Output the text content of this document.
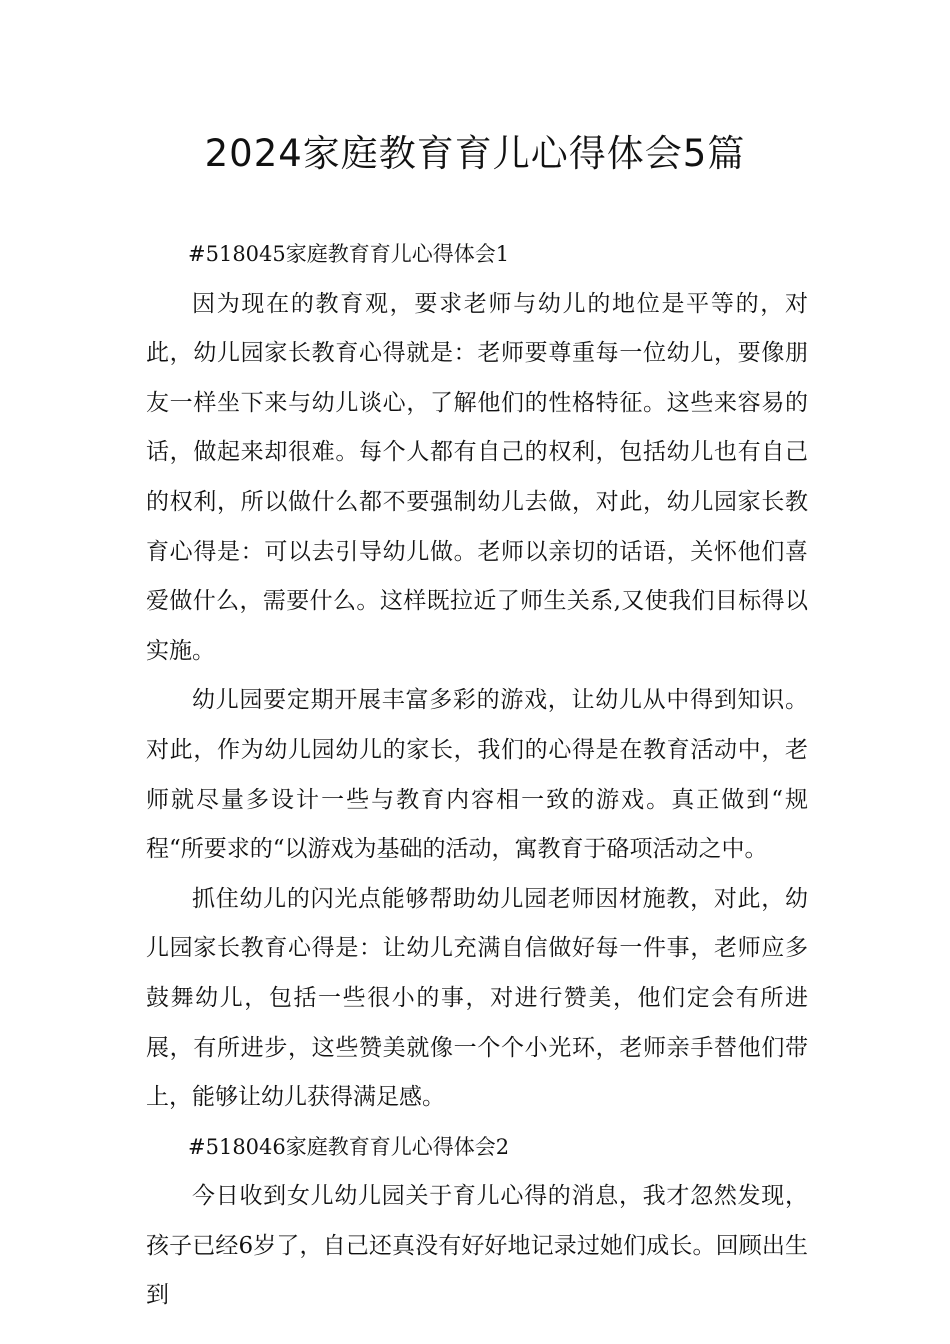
2024家庭教育育儿心得体会5篇

#518045家庭教育育儿心得体会1

因为现在的教育观，要求老师与幼儿的地位是平等的，对此，幼儿园家长教育心得就是：老师要尊重每一位幼儿，要像朋友一样坐下来与幼儿谈心，了解他们的性格特征。这些来容易的话，做起来却很难。每个人都有自己的权利，包括幼儿也有自己的权利，所以做什么都不要强制幼儿去做，对此，幼儿园家长教育心得是：可以去引导幼儿做。老师以亲切的话语，关怀他们喜爱做什么，需要什么。这样既拉近了师生关系,又使我们目标得以实施。

幼儿园要定期开展丰富多彩的游戏，让幼儿从中得到知识。对此，作为幼儿园幼儿的家长，我们的心得是在教育活动中，老师就尽量多设计一些与教育内容相一致的游戏。真正做到“规程“所要求的“以游戏为基础的活动，寓教育于硌项活动之中。

抓住幼儿的闪光点能够帮助幼儿园老师因材施教，对此，幼儿园家长教育心得是：让幼儿充满自信做好每一件事，老师应多鼓舞幼儿，包括一些很小的事，对进行赞美，他们定会有所进展，有所进步，这些赞美就像一个个小光环，老师亲手替他们带上，能够让幼儿获得满足感。

#518046家庭教育育儿心得体会2

今日收到女儿幼儿园关于育儿心得的消息，我才忽然发现，孩子已经6岁了，自己还真没有好好地记录过她们成长。回顾出生到
